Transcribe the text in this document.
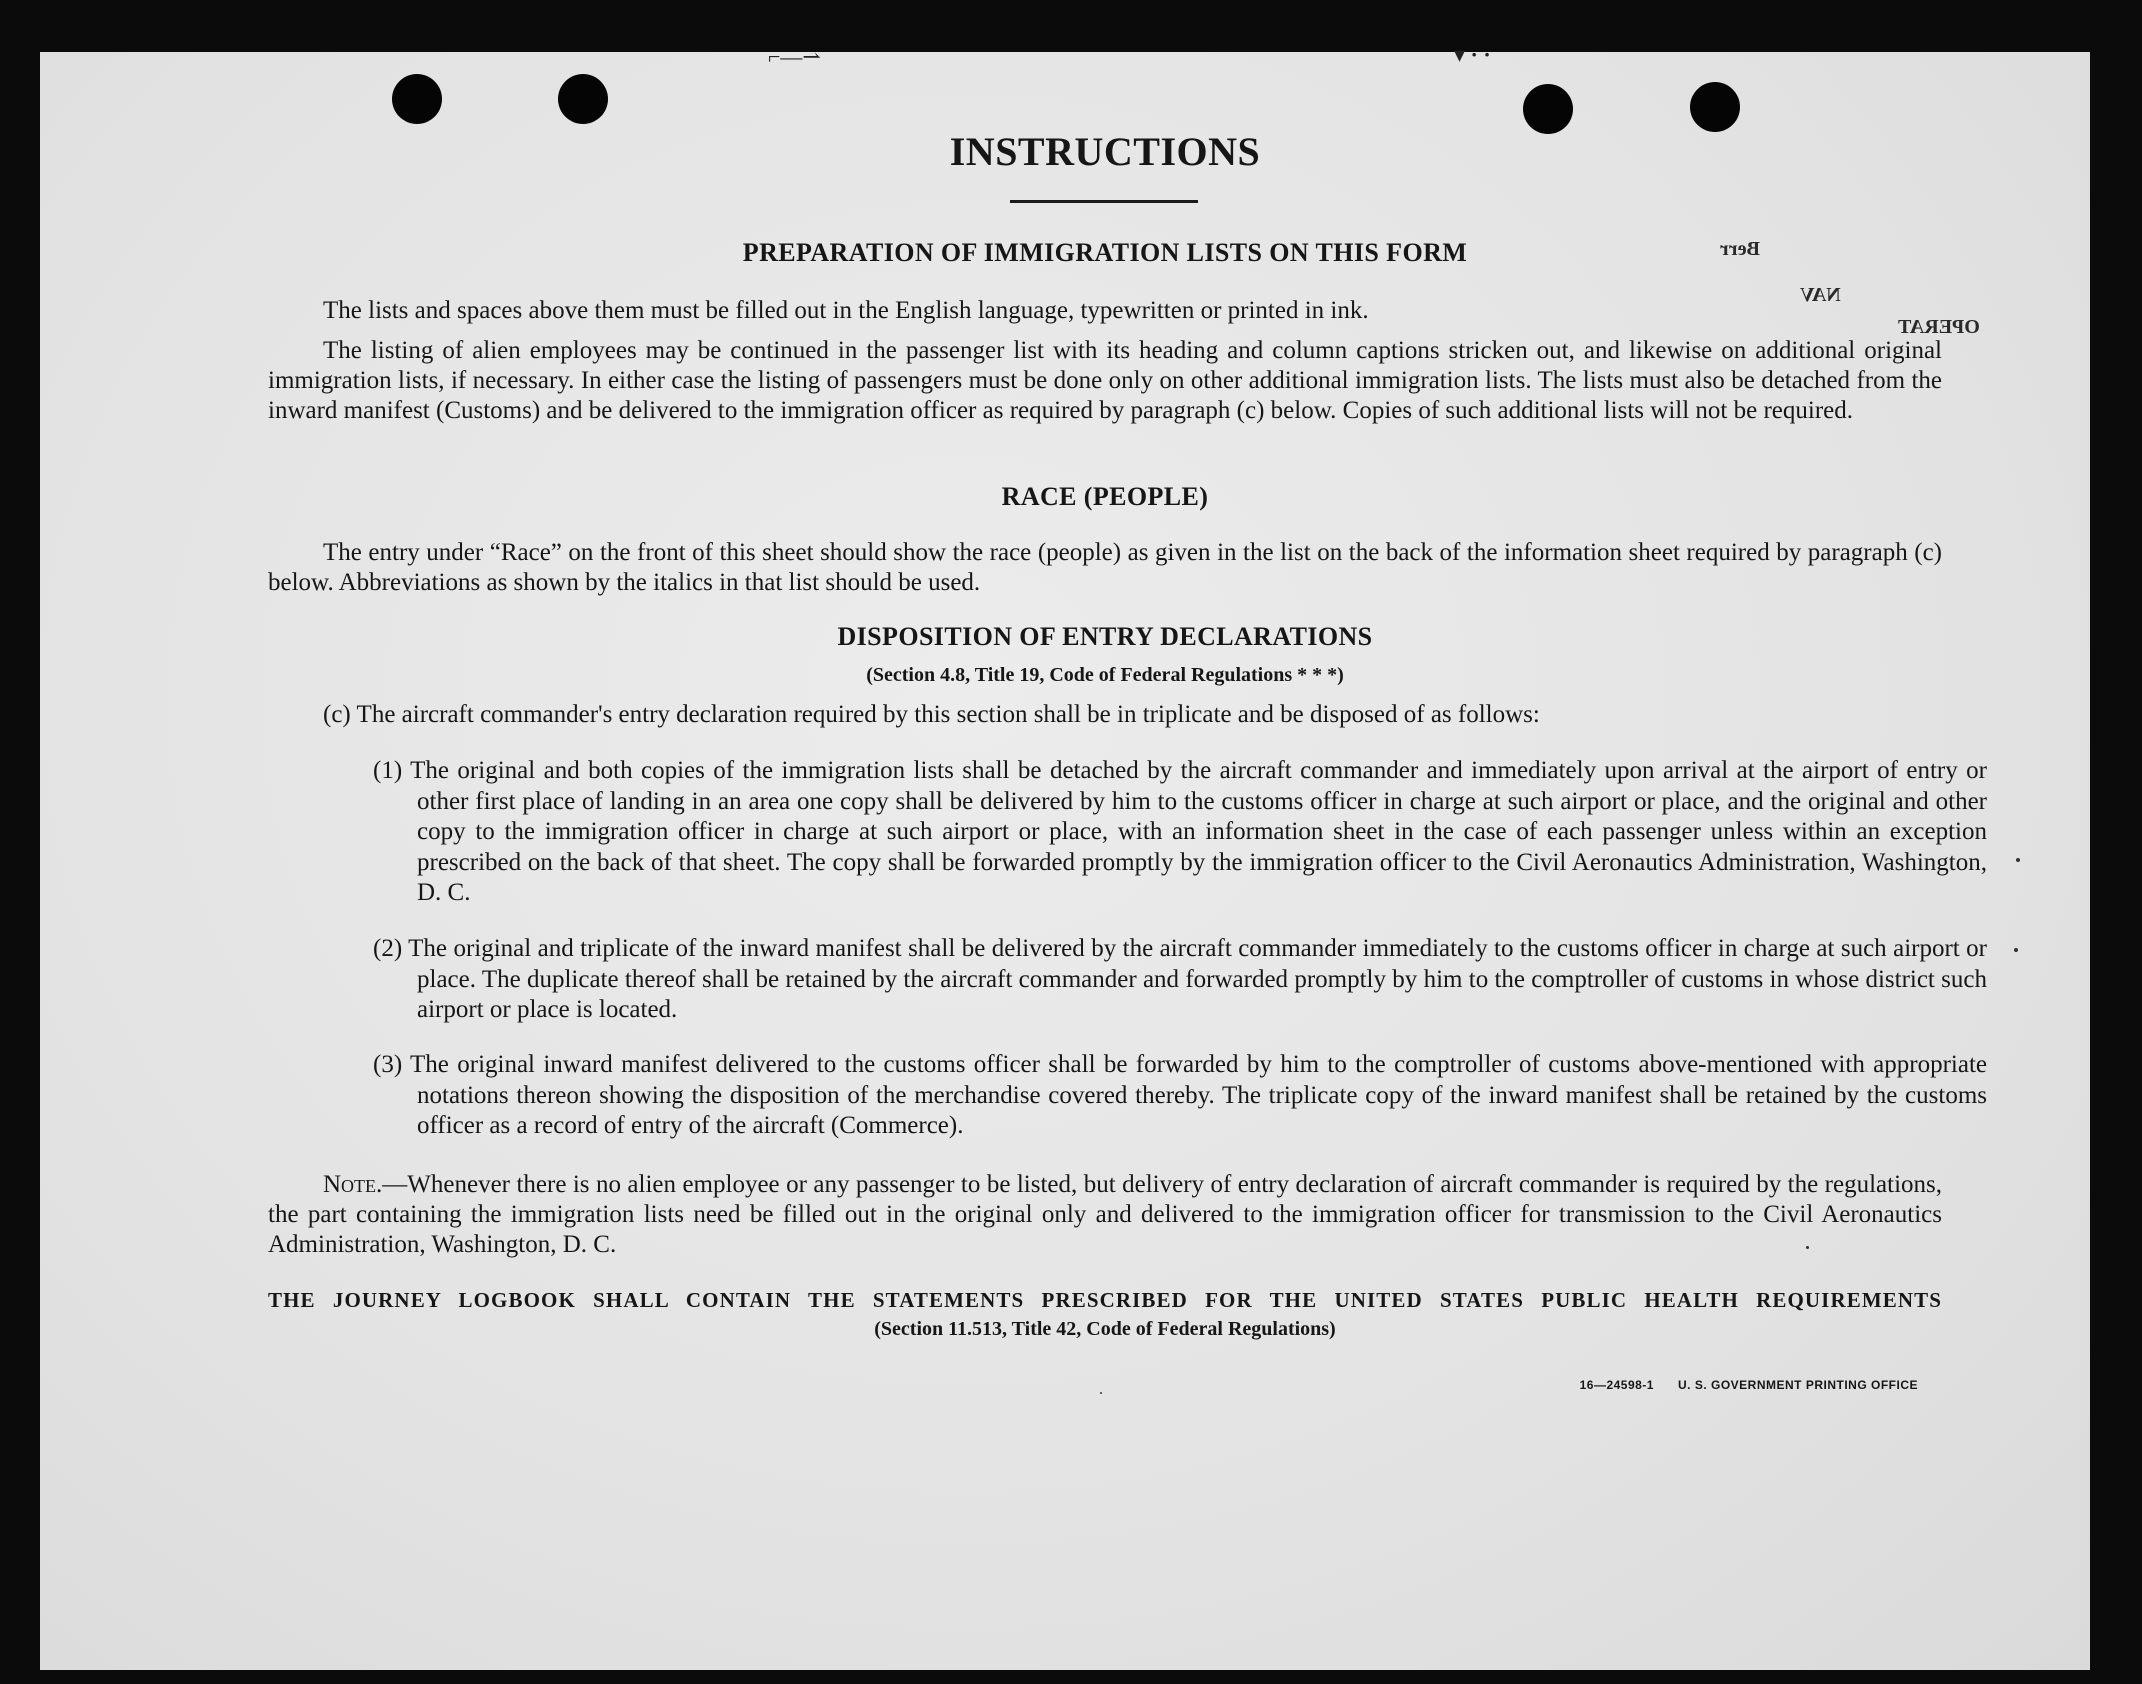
⌐—⇀	▾ · ·
Berr
NAV
OPERAT
INSTRUCTIONS
PREPARATION OF IMMIGRATION LISTS ON THIS FORM
The lists and spaces above them must be filled out in the English language, typewritten or printed in ink.
The listing of alien employees may be continued in the passenger list with its heading and column captions stricken out, and likewise on additional original immigration lists, if necessary. In either case the listing of passengers must be done only on other additional immigration lists. The lists must also be detached from the inward manifest (Customs) and be delivered to the immigration officer as required by paragraph (c) below. Copies of such additional lists will not be required.
RACE (PEOPLE)
The entry under “Race” on the front of this sheet should show the race (people) as given in the list on the back of the information sheet required by paragraph (c) below. Abbreviations as shown by the italics in that list should be used.
DISPOSITION OF ENTRY DECLARATIONS
(Section 4.8, Title 19, Code of Federal Regulations * * *)
(c) The aircraft commander's entry declaration required by this section shall be in triplicate and be disposed of as follows:
(1) The original and both copies of the immigration lists shall be detached by the aircraft commander and immediately upon arrival at the airport of entry or other first place of landing in an area one copy shall be delivered by him to the customs officer in charge at such airport or place, and the original and other copy to the immigration officer in charge at such airport or place, with an information sheet in the case of each passenger unless within an exception prescribed on the back of that sheet. The copy shall be forwarded promptly by the immigration officer to the Civil Aeronautics Administration, Washington, D. C.
(2) The original and triplicate of the inward manifest shall be delivered by the aircraft commander immediately to the customs officer in charge at such airport or place. The duplicate thereof shall be retained by the aircraft commander and forwarded promptly by him to the comptroller of customs in whose district such airport or place is located.
(3) The original inward manifest delivered to the customs officer shall be forwarded by him to the comptroller of customs above-mentioned with appropriate notations thereon showing the disposition of the merchandise covered thereby. The triplicate copy of the inward manifest shall be retained by the customs officer as a record of entry of the aircraft (Commerce).
Note.—Whenever there is no alien employee or any passenger to be listed, but delivery of entry declaration of aircraft commander is required by the regulations, the part containing the immigration lists need be filled out in the original only and delivered to the immigration officer for transmission to the Civil Aeronautics Administration, Washington, D. C.
THE JOURNEY LOGBOOK SHALL CONTAIN THE STATEMENTS PRESCRIBED FOR THE UNITED STATES PUBLIC HEALTH REQUIREMENTS
(Section 11.513, Title 42, Code of Federal Regulations)
16—24598-1 U. S. GOVERNMENT PRINTING OFFICE
